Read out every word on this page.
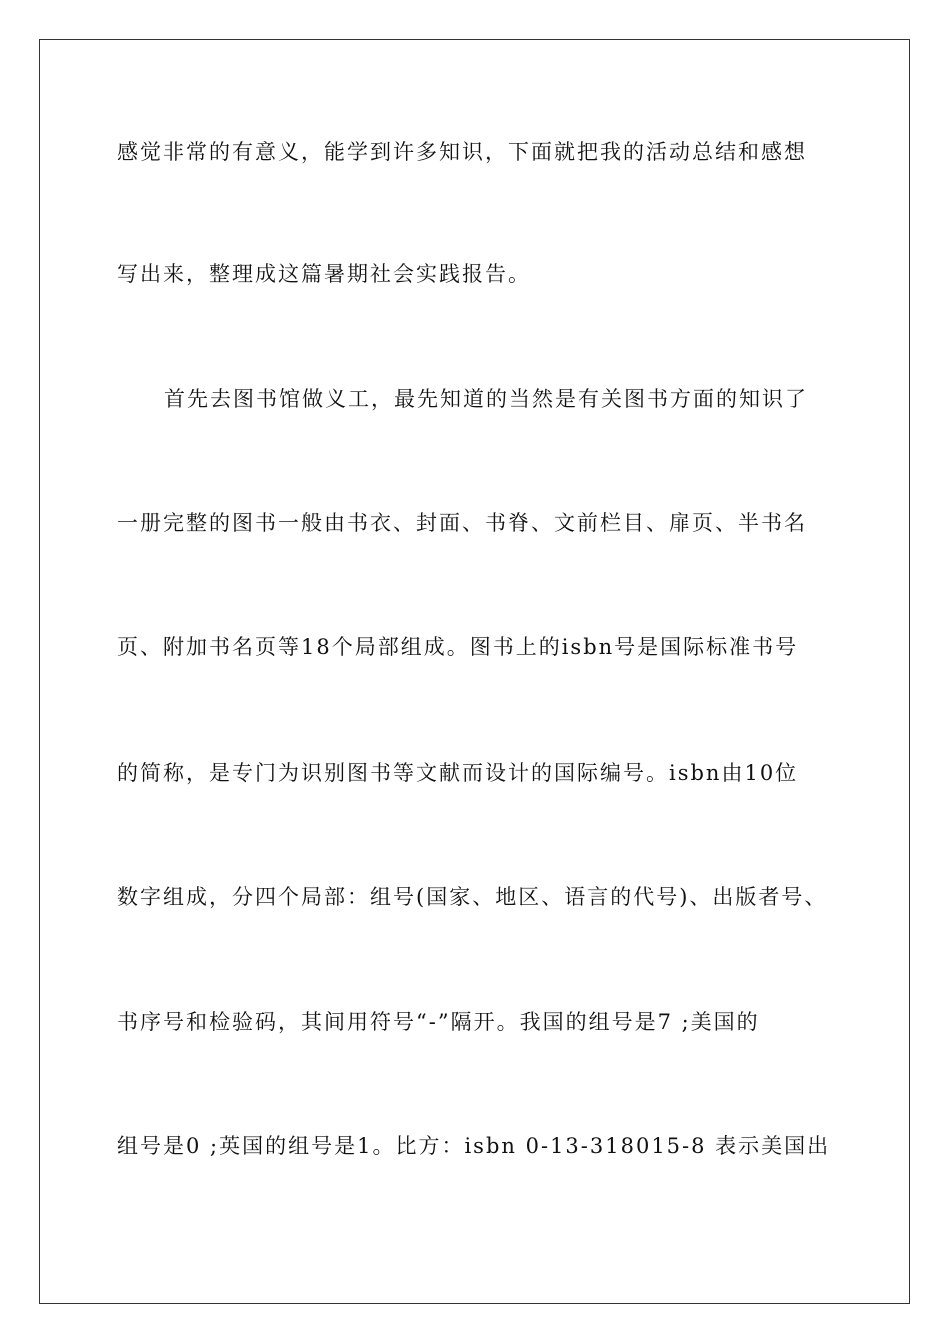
感觉非常的有意义，能学到许多知识，下面就把我的活动总结和感想
写出来，整理成这篇暑期社会实践报告。
首先去图书馆做义工，最先知道的当然是有关图书方面的知识了
一册完整的图书一般由书衣、封面、书脊、文前栏目、扉页、半书名
页、附加书名页等18个局部组成。图书上的isbn号是国际标准书号
的简称，是专门为识别图书等文献而设计的国际编号。isbn由10位
数字组成，分四个局部：组号(国家、地区、语言的代号)、出版者号、
书序号和检验码，其间用符号“-”隔开。我国的组号是7 ;美国的
组号是0 ;英国的组号是1。比方：isbn 0-13-318015-8 表示美国出
